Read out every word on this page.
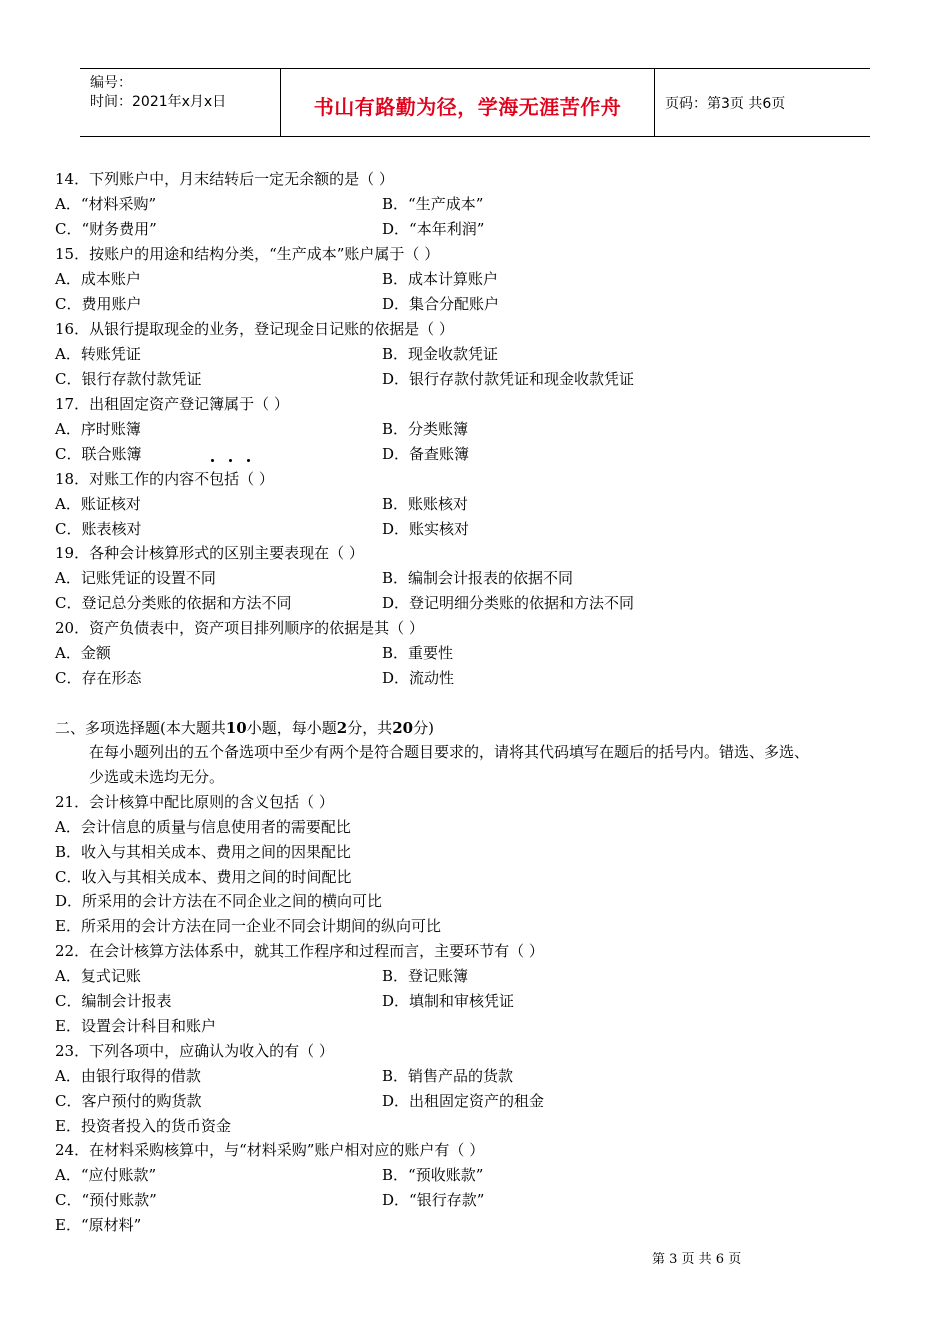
编号：
时间：2021年x月x日	书山有路勤为径，学海无涯苦作舟	页码：第3页 共6页
14．下列账户中，月末结转后一定无余额的是（ ）
A．“材料采购”	B．“生产成本”
C．“财务费用”	D．“本年利润”
15．按账户的用途和结构分类，“生产成本”账户属于（ ）
A．成本账户	B．成本计算账户
C．费用账户	D．集合分配账户
16．从银行提取现金的业务，登记现金日记账的依据是（ ）
A．转账凭证	B．现金收款凭证
C．银行存款付款凭证	D．银行存款付款凭证和现金收款凭证
17．出租固定资产登记簿属于（ ）
A．序时账簿	B．分类账簿
C．联合账簿	D．备查账簿
18．对账工作的内容不包括（ ）
A．账证核对	B．账账核对
C．账表核对	D．账实核对
19．各种会计核算形式的区别主要表现在（ ）
A．记账凭证的设置不同	B．编制会计报表的依据不同
C．登记总分类账的依据和方法不同	D．登记明细分类账的依据和方法不同
20．资产负债表中，资产项目排列顺序的依据是其（ ）
A．金额	B．重要性
C．存在形态	D．流动性
二、多项选择题(本大题共10小题，每小题2分，共20分)
在每小题列出的五个备选项中至少有两个是符合题目要求的，请将其代码填写在题后的括号内。错选、多选、
少选或未选均无分。
21．会计核算中配比原则的含义包括（ ）
A．会计信息的质量与信息使用者的需要配比
B．收入与其相关成本、费用之间的因果配比
C．收入与其相关成本、费用之间的时间配比
D．所采用的会计方法在不同企业之间的横向可比
E．所采用的会计方法在同一企业不同会计期间的纵向可比
22．在会计核算方法体系中，就其工作程序和过程而言，主要环节有（ ）
A．复式记账	B．登记账簿
C．编制会计报表	D．填制和审核凭证
E．设置会计科目和账户
23．下列各项中，应确认为收入的有（ ）
A．由银行取得的借款	B．销售产品的货款
C．客户预付的购货款	D．出租固定资产的租金
E．投资者投入的货币资金
24．在材料采购核算中，与“材料采购”账户相对应的账户有（ ）
A．“应付账款”	B．“预收账款”
C．“预付账款”	D．“银行存款”
E．“原材料”
第 3 页 共 6 页
